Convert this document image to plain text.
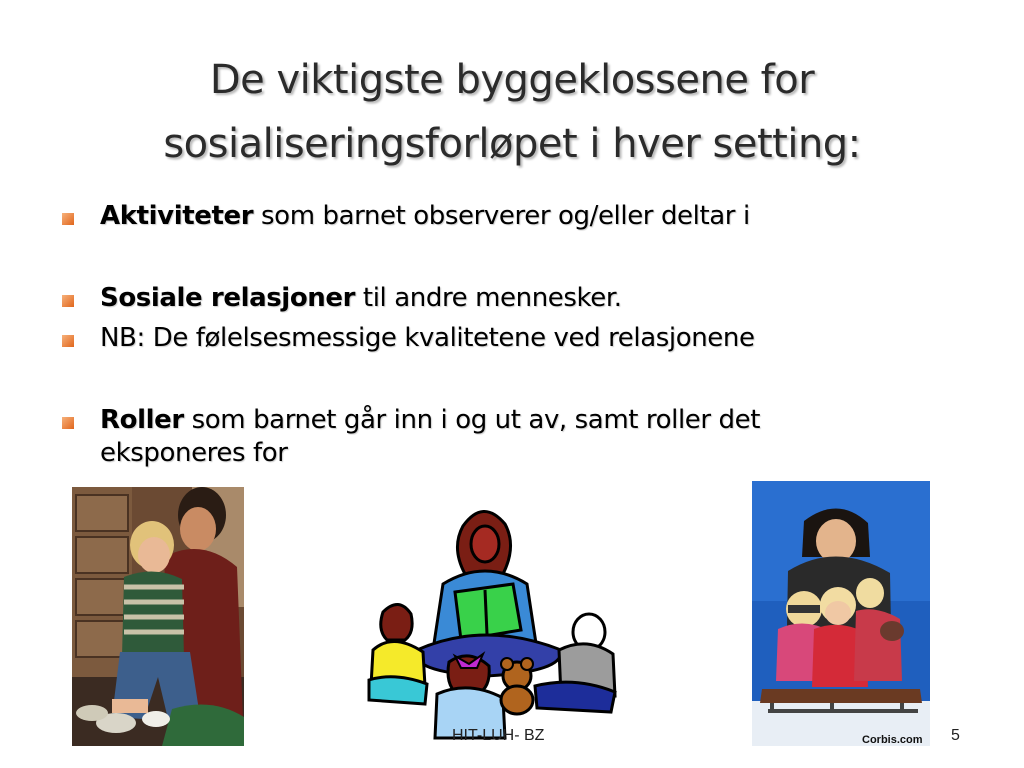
De viktigste byggeklossene for
sosialiseringsforløpet i hver setting:
Aktiviteter som barnet observerer og/eller deltar i
Sosiale relasjoner til andre mennesker.
NB: De følelsesmessige kvalitetene ved relasjonene
Roller som barnet går inn i og ut av, samt roller det eksponeres for
Corbis.com
HIT-LUH- BZ	5
